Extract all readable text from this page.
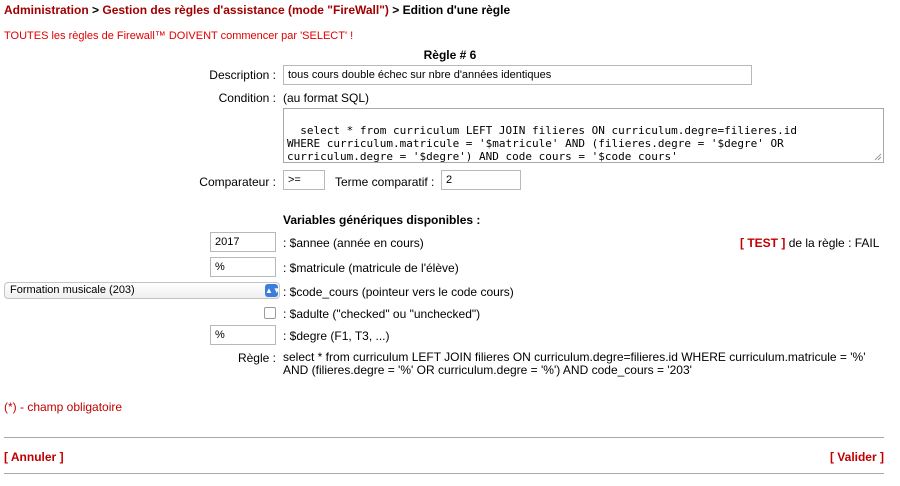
Administration > Gestion des règles d'assistance (mode "FireWall") > Edition d'une règle
TOUTES les règles de Firewall™ DOIVENT commencer par 'SELECT' !
Règle # 6
Description :
tous cours double échec sur nbre d'années identiques
Condition : (au format SQL)

select * from curriculum LEFT JOIN filieres ON curriculum.degre=filieres.id
WHERE curriculum.matricule = '$matricule' AND (filieres.degre = '$degre' OR
curriculum.degre = '$degre') AND code_cours = '$code_cours'

Comparateur :
>=	Terme comparatif :
2
Variables génériques disponibles :
2017
: $annee (année en cours)	[ TEST ] de la règle : FAIL
%
: $matricule (matricule de l'élève)
Formation musicale (203)	▲▼ : $code_cours (pointeur vers le code cours)
: $adulte ("checked" ou "unchecked")
%
: $degre (F1, T3, ...)
Règle : select * from curriculum LEFT JOIN filieres ON curriculum.degre=filieres.id WHERE curriculum.matricule = '%' AND (filieres.degre = '%' OR curriculum.degre = '%') AND code_cours = '203'
(*) - champ obligatoire
[ Annuler ]	[ Valider ]
